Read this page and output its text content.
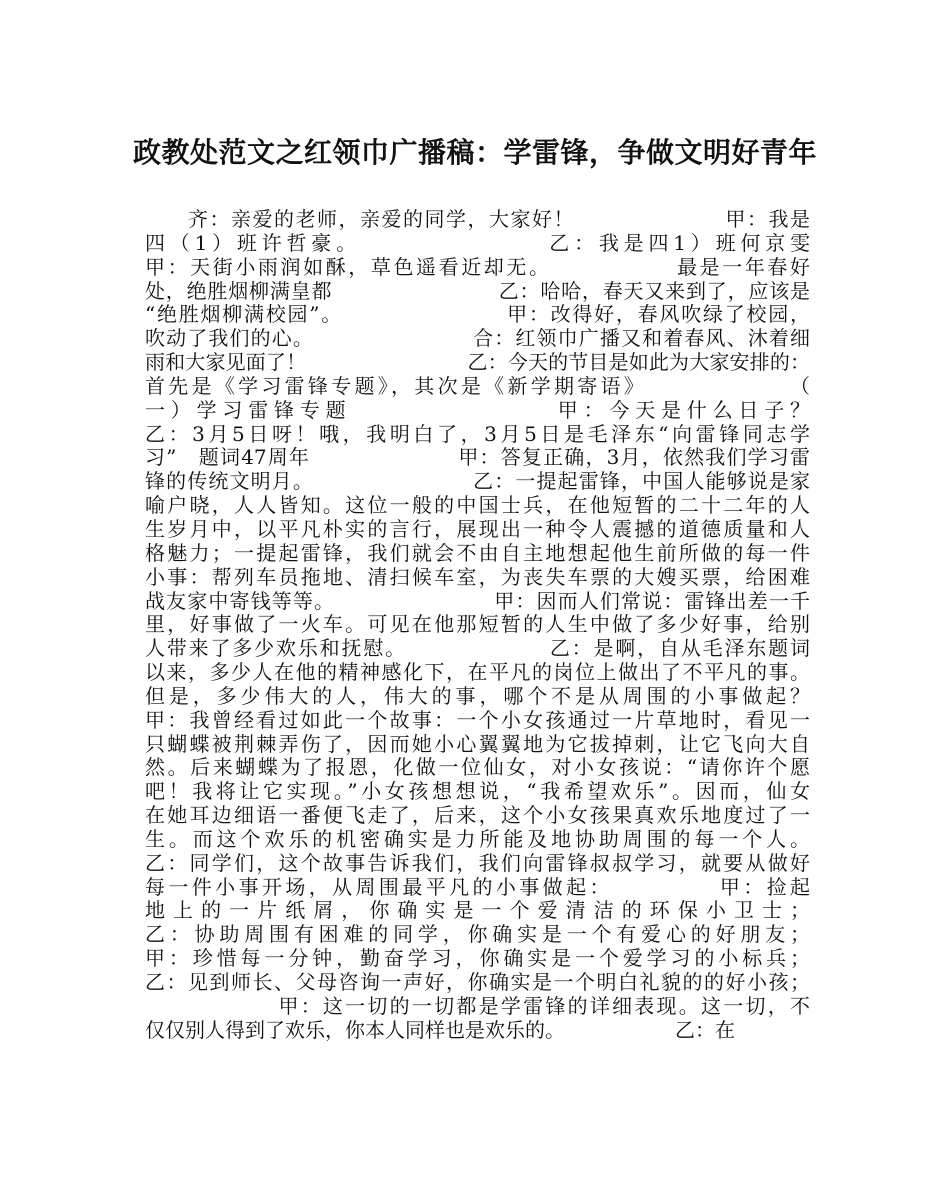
政教处范文之红领巾广播稿：学雷锋，争做文明好青年
　　齐：亲爱的老师，亲爱的同学，大家好！　　　　　　　甲：我是
四（1）班许哲豪。　　　　　　　　乙：我是四1）班何京雯
甲：天街小雨润如酥，草色遥看近却无。　　　　　　最是一年春好
处，绝胜烟柳满皇都　　　　　　　　乙：哈哈，春天又来到了，应该是
“绝胜烟柳满校园”。　　　　　　　　甲：改得好，春风吹绿了校园，
吹动了我们的心。　　　　　　　　合：红领巾广播又和着春风、沐着细
雨和大家见面了！　　　　　　　　乙：今天的节目是如此为大家安排的：
首先是《学习雷锋专题》，其次是《新学期寄语》　　　　　　　（
一）学习雷锋专题　　　　　　　　甲：今天是什么日子？
乙：3月5日呀！哦，我明白了，3月5日是毛泽东“向雷锋同志学
习”　题词47周年　　　　　　　甲：答复正确，3月，依然我们学习雷
锋的传统文明月。　　　　　　　　乙：一提起雷锋，中国人能够说是家
喻户晓，人人皆知。这位一般的中国士兵，在他短暂的二十二年的人
生岁月中，以平凡朴实的言行，展现出一种令人震撼的道德质量和人
格魅力；一提起雷锋，我们就会不由自主地想起他生前所做的每一件
小事：帮列车员拖地、清扫候车室，为丧失车票的大嫂买票，给困难
战友家中寄钱等等。　　　　　　　　甲：因而人们常说：雷锋出差一千
里，好事做了一火车。可见在他那短暂的人生中做了多少好事，给别
人带来了多少欢乐和抚慰。　　　　　　　乙：是啊，自从毛泽东题词
以来，多少人在他的精神感化下，在平凡的岗位上做出了不平凡的事。
但是，多少伟大的人，伟大的事，哪个不是从周围的小事做起？
甲：我曾经看过如此一个故事：一个小女孩通过一片草地时，看见一
只蝴蝶被荆棘弄伤了，因而她小心翼翼地为它拔掉刺，让它飞向大自
然。后来蝴蝶为了报恩，化做一位仙女，对小女孩说：“请你许个愿
吧！我将让它实现。”小女孩想想说，“我希望欢乐”。因而，仙女
在她耳边细语一番便飞走了，后来，这个小女孩果真欢乐地度过了一
生。而这个欢乐的机密确实是力所能及地协助周围的每一个人。
乙：同学们，这个故事告诉我们，我们向雷锋叔叔学习，就要从做好
每一件小事开场，从周围最平凡的小事做起：　　　　　甲：捡起
地上的一片纸屑，你确实是一个爱清洁的环保小卫士；
乙：协助周围有困难的同学，你确实是一个有爱心的好朋友；
甲：珍惜每一分钟，勤奋学习，你确实是一个爱学习的小标兵；
乙：见到师长、父母咨询一声好，你确实是一个明白礼貌的的好小孩；
　　　　　　甲：这一切的一切都是学雷锋的详细表现。这一切，不
仅仅别人得到了欢乐，你本人同样也是欢乐的。　　　　　　乙：在
